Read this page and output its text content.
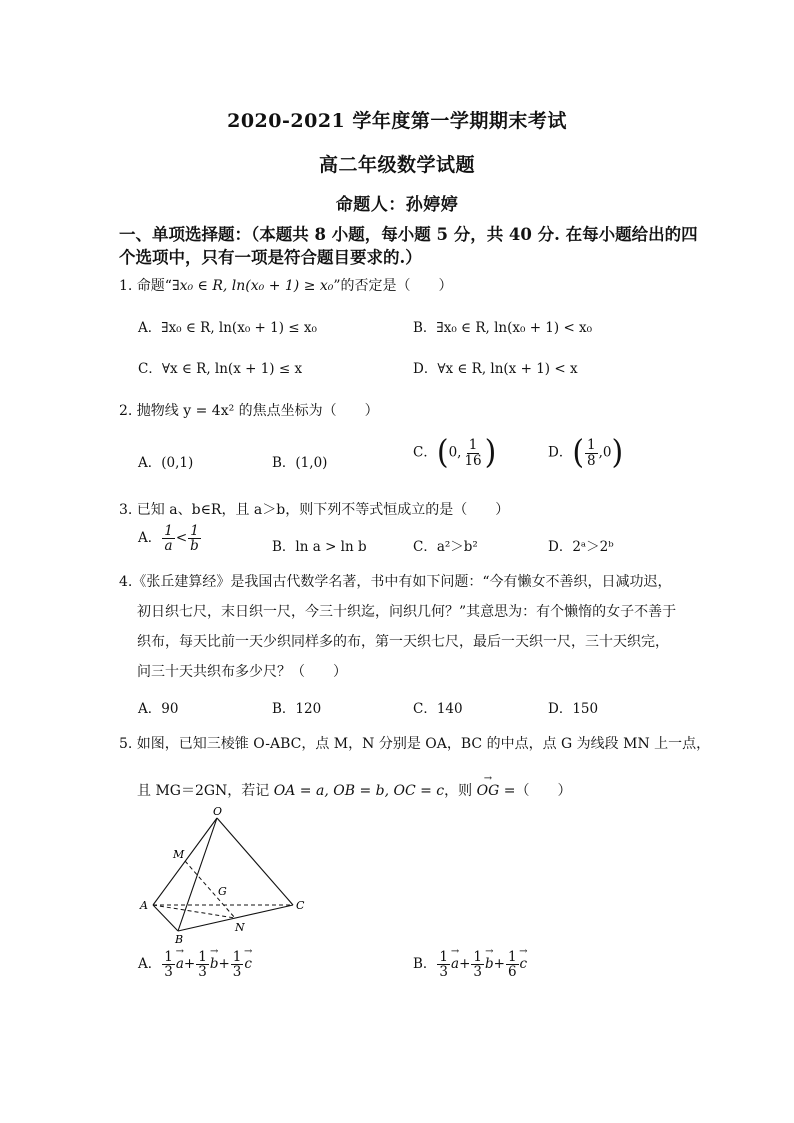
2020-2021 学年度第一学期期末考试
高二年级数学试题
命题人：孙婷婷
一、单项选择题：（本题共 8 小题，每小题 5 分，共 40 分. 在每小题给出的四
个选项中，只有一项是符合题目要求的.）
1. 命题“∃x₀ ∈ R, ln(x₀ + 1) ≥ x₀”的否定是（　　）
A．∃x₀ ∈ R, ln(x₀ + 1) ≤ x₀	B．∃x₀ ∈ R, ln(x₀ + 1) < x₀
C．∀x ∈ R, ln(x + 1) ≤ x	D．∀x ∈ R, ln(x + 1) < x
2. 抛物线 y = 4x² 的焦点坐标为（　　）
A．(0,1)	B．(1,0)
C．(0, $\frac{1}{16}$ )	D．( $\frac{1}{8} ,0$)
3. 已知 a、b∈R，且 a＞b，则下列不等式恒成立的是（　　）
A． $\frac{1}{a} < \frac{1}{b}$	B．ln a > ln b	C．a²＞b²	D．2ᵃ＞2ᵇ
4.《张丘建算经》是我国古代数学名著，书中有如下问题：“今有懒女不善织，日减功迟，
初日织七尺，末日织一尺，今三十织迄，问织几何？”其意思为：有个懒惰的女子不善于
织布，每天比前一天少织同样多的布，第一天织七尺，最后一天织一尺，三十天织完，
问三十天共织布多少尺？（　　）
A．90	B．120	C．140	D．150
5. 如图，已知三棱锥 O-ABC，点 M，N 分别是 OA，BC 的中点，点 G 为线段 MN 上一点，
且 MG＝2GN，若记 OA = a, OB = b, OC = c，则 → OG =（　　）
O
M
G
A	C
B
N
A． $\frac{1}{3}$
→ $a+ \frac{1}{3}$
→ $b+ \frac{1}{3}$
→ c	B． $\frac{1}{3}$
→ $a+ \frac{1}{3}$
→ $b+ \frac{1}{6}$
→ c
